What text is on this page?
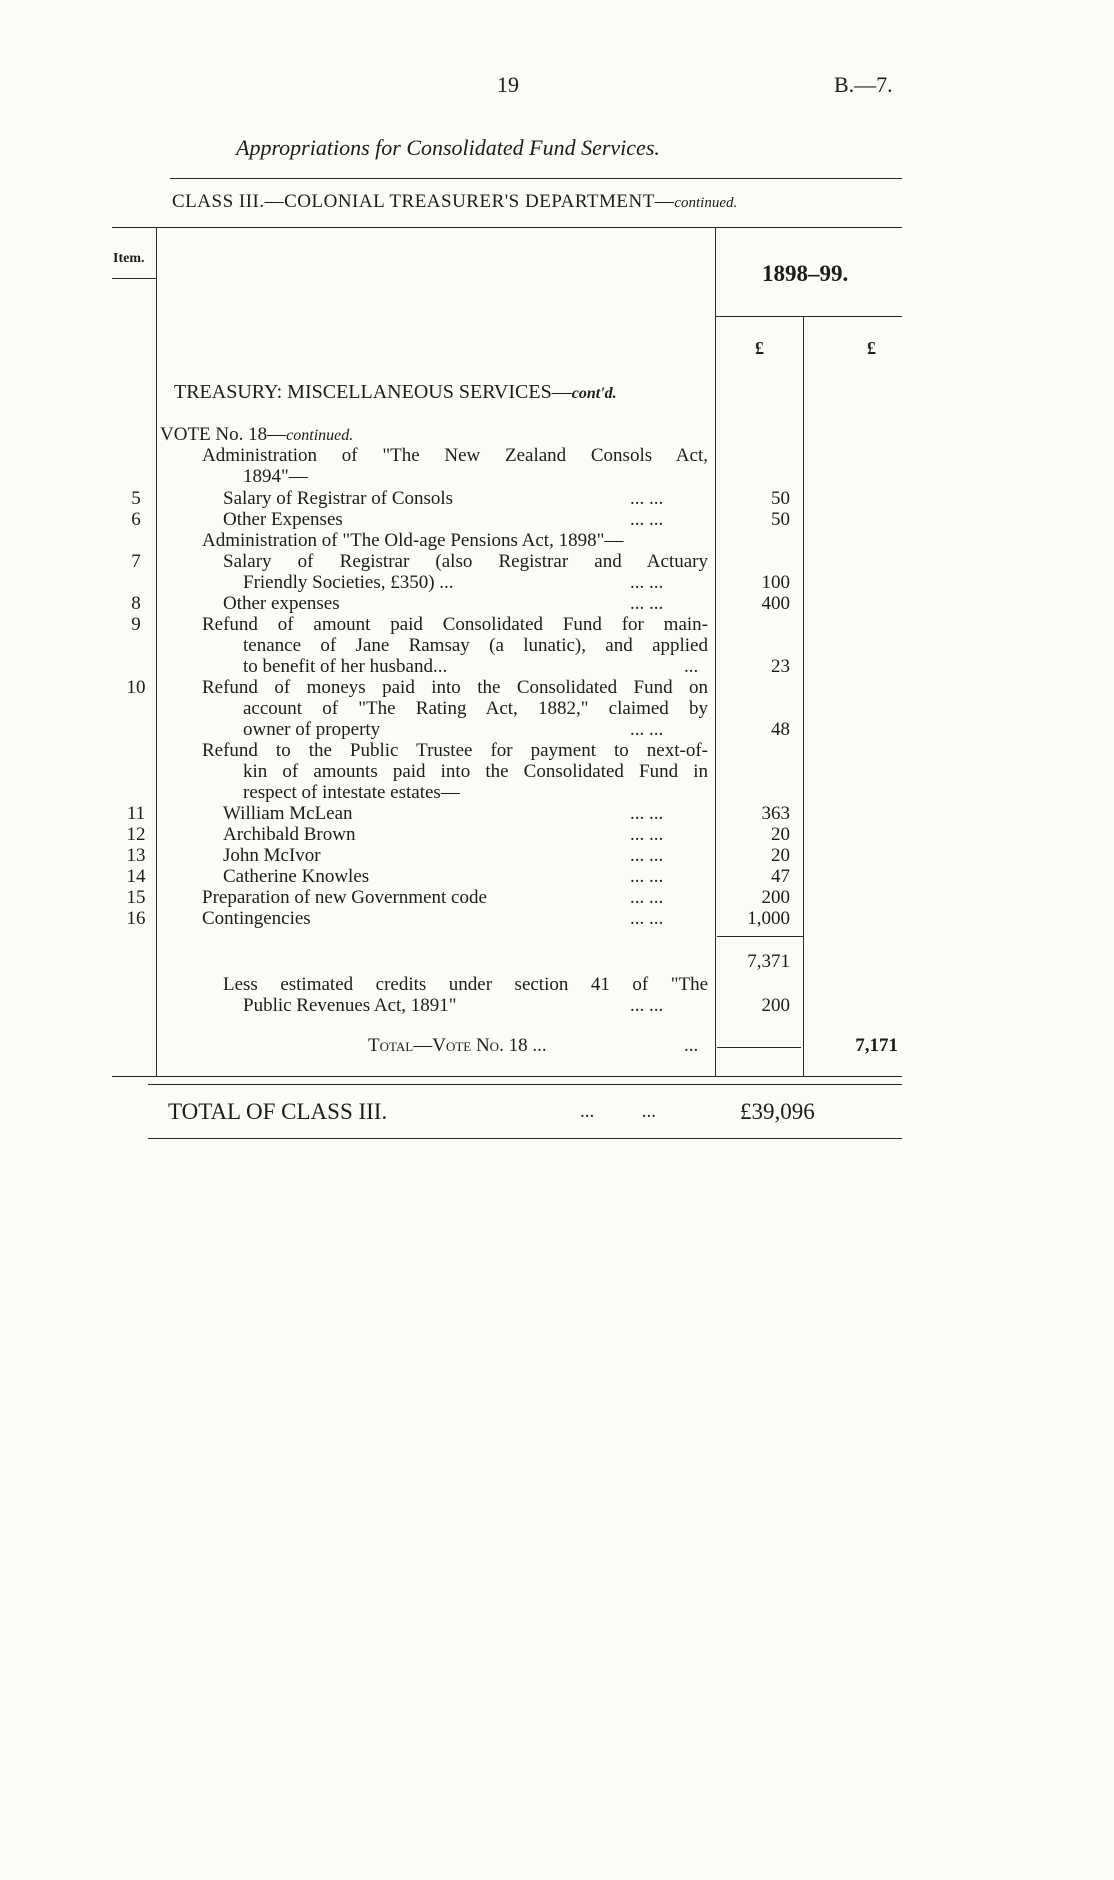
19	B.—7.
Appropriations for Consolidated Fund Services.
CLASS III.—COLONIAL TREASURER'S DEPARTMENT—continued.
Item.
1898–99.
£	£
TREASURY: MISCELLANEOUS SERVICES—cont'd.
VOTE No. 18—continued.
Administration of "The New Zealand Consols Act,
1894"—
5	Salary of Registrar of Consols	... ...	50
6	Other Expenses	... ...	50
Administration of "The Old-age Pensions Act, 1898"—
7	Salary of Registrar (also Registrar and Actuary
Friendly Societies, £350) ...	... ...	100
8	Other expenses	... ...	400
9	Refund of amount paid Consolidated Fund for main-
tenance of Jane Ramsay (a lunatic), and applied
to benefit of her husband...	...	23
10	Refund of moneys paid into the Consolidated Fund on
account of "The Rating Act, 1882," claimed by
owner of property	... ...	48
Refund to the Public Trustee for payment to next-of-
kin of amounts paid into the Consolidated Fund in
respect of intestate estates—
11	William McLean	... ...	363
12	Archibald Brown	... ...	20
13	John McIvor	... ...	20
14	Catherine Knowles	... ...	47
15	Preparation of new Government code	... ...	200
16	Contingencies	... ...	1,000
7,371
Less estimated credits under section 41 of "The
Public Revenues Act, 1891"	... ...	200
Total—Vote No. 18 ...	...	7,171
TOTAL OF CLASS III.	...          ...	£39,096
